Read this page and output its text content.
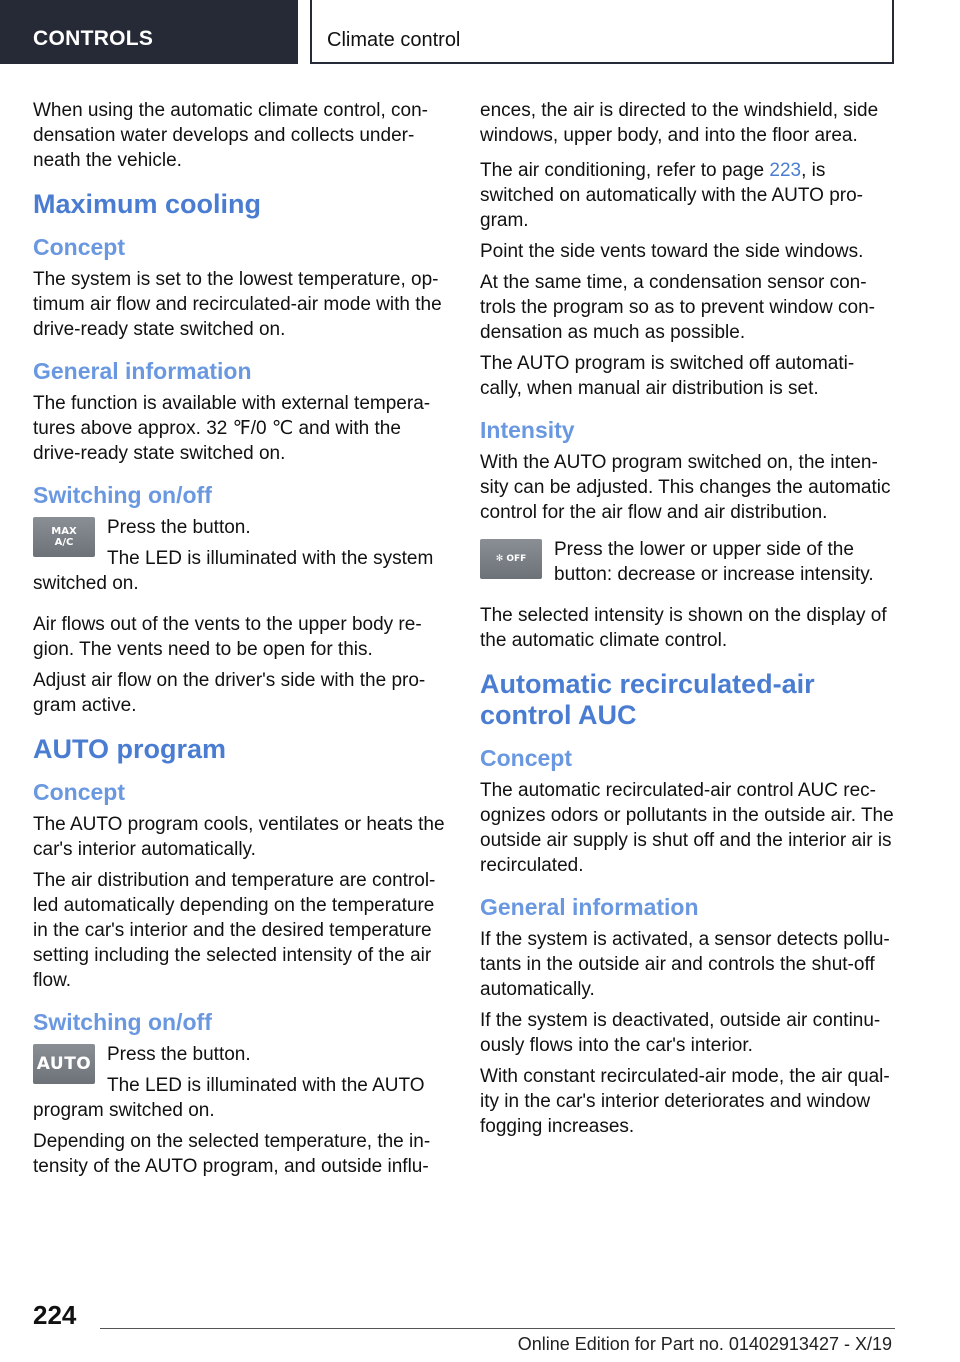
CONTROLS	Climate control

When using the automatic climate control, con-densation water develops and collects under-neath the vehicle.

Maximum cooling
Concept

The system is set to the lowest temperature, op-timum air flow and recirculated-air mode with the drive-ready state switched on.

General information

The function is available with external tempera-tures above approx. 32 ℉/0 ℃ and with the drive-ready state switched on.

Switching on/off
MAX
A/C

Press the button.

The LED is illuminated with the system switched on.

Air flows out of the vents to the upper body re-gion. The vents need to be open for this.

Adjust air flow on the driver's side with the pro-gram active.

AUTO program
Concept

The AUTO program cools, ventilates or heats the car's interior automatically.

The air distribution and temperature are control-led automatically depending on the temperature in the car's interior and the desired temperature setting including the selected intensity of the air flow.

Switching on/off
AUTO Press the button.

The LED is illuminated with the AUTO program switched on.

Depending on the selected temperature, the in-tensity of the AUTO program, and outside influ-

ences, the air is directed to the windshield, side windows, upper body, and into the floor area.

The air conditioning, refer to page 223, is switched on automatically with the AUTO pro-gram.

Point the side vents toward the side windows.

At the same time, a condensation sensor con-trols the program so as to prevent window con-densation as much as possible.

The AUTO program is switched off automati-cally, when manual air distribution is set.

Intensity

With the AUTO program switched on, the inten-sity can be adjusted. This changes the automatic control for the air flow and air distribution.

✻ OFF	Press the lower or upper side of the button: decrease or increase intensity.

The selected intensity is shown on the display of the automatic climate control.

Automatic recirculated-air control AUC
Concept

The automatic recirculated-air control AUC rec-ognizes odors or pollutants in the outside air. The outside air supply is shut off and the interior air is recirculated.

General information

If the system is activated, a sensor detects pollu-tants in the outside air and controls the shut-off automatically.

If the system is deactivated, outside air continu-ously flows into the car's interior.

With constant recirculated-air mode, the air qual-ity in the car's interior deteriorates and window fogging increases.

224
Online Edition for Part no. 01402913427 - X/19
